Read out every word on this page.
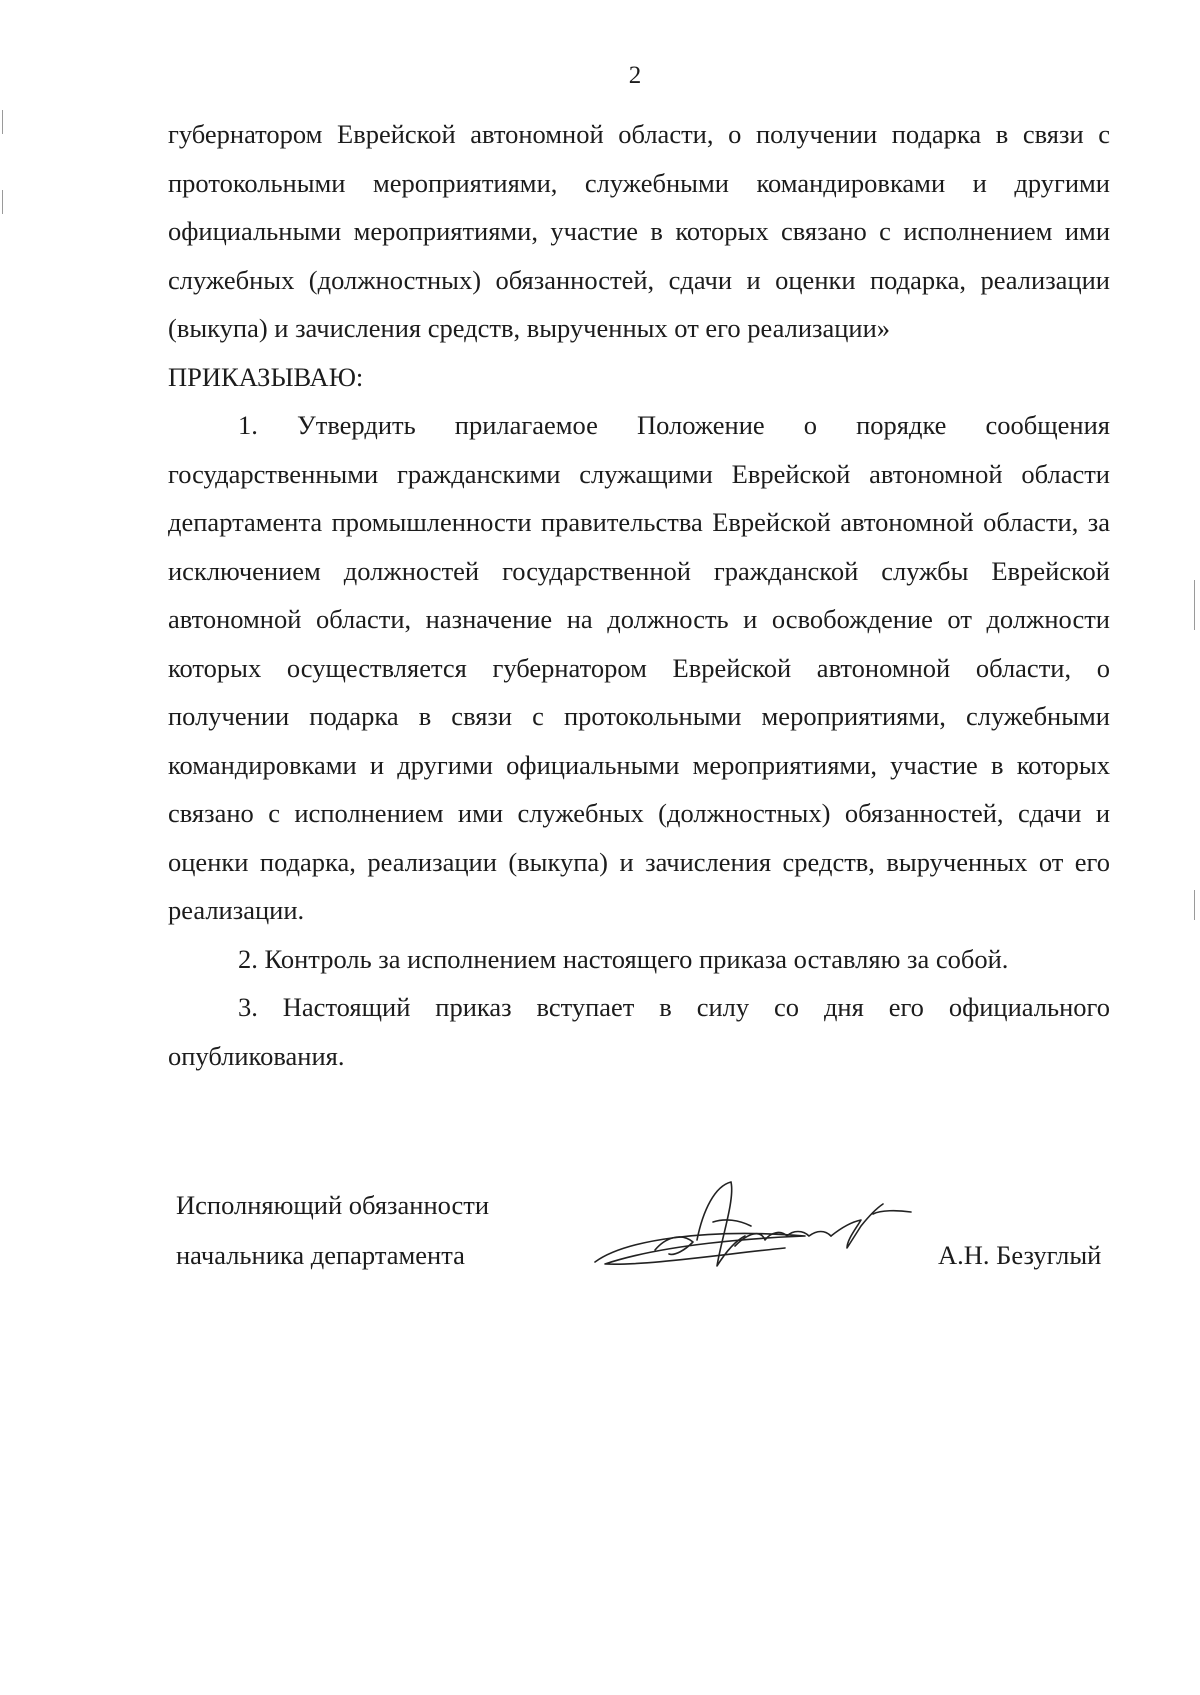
2

губернатором Еврейской автономной области, о получении подарка в связи с протокольными мероприятиями, служебными командировками и другими официальными мероприятиями, участие в которых связано с исполнением ими служебных (должностных) обязанностей, сдачи и оценки подарка, реализации (выкупа) и зачисления средств, вырученных от его реализации»

ПРИКАЗЫВАЮ:

1. Утвердить прилагаемое Положение о порядке сообщения государственными гражданскими служащими Еврейской автономной области департамента промышленности правительства Еврейской автономной области, за исключением должностей государственной гражданской службы Еврейской автономной области, назначение на должность и освобождение от должности которых осуществляется губернатором Еврейской автономной области, о получении подарка в связи с протокольными мероприятиями, служебными командировками и другими официальными мероприятиями, участие в которых связано с исполнением ими служебных (должностных) обязанностей, сдачи и оценки подарка, реализации (выкупа) и зачисления средств, вырученных от его реализации.

2. Контроль за исполнением настоящего приказа оставляю за собой.

3. Настоящий приказ вступает в силу со дня его официального опубликования.

Исполняющий обязанности
начальника департамента	А.Н. Безуглый
